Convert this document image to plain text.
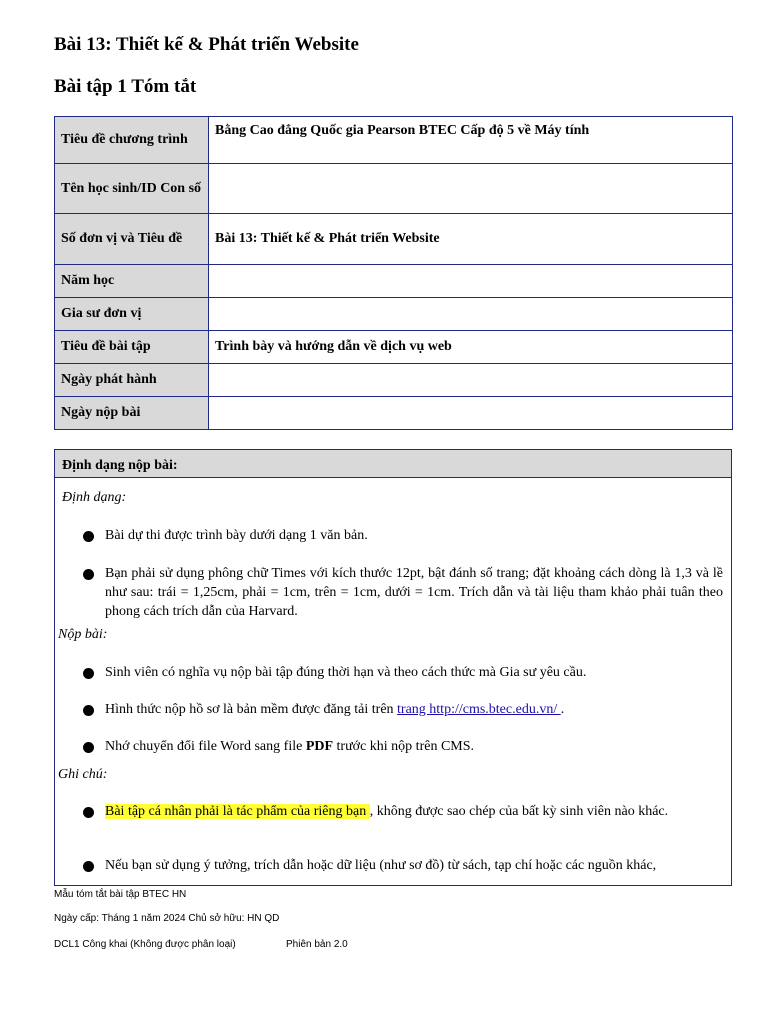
Bài 13: Thiết kế & Phát triển Website
Bài tập 1 Tóm tắt
Tiêu đề chương trình	Bằng Cao đẳng Quốc gia Pearson BTEC Cấp độ 5 về Máy tính
Tên học sinh/ID Con số	
Số đơn vị và Tiêu đề	Bài 13: Thiết kế & Phát triển Website
Năm học	
Gia sư đơn vị	
Tiêu đề bài tập	Trình bày và hướng dẫn về dịch vụ web
Ngày phát hành	
Ngày nộp bài	
Định dạng nộp bài:
Định dạng:
Bài dự thi được trình bày dưới dạng 1 văn bản.
Bạn phải sử dụng phông chữ Times với kích thước 12pt, bật đánh số trang; đặt khoảng cách dòng là 1,3 và lề như sau: trái = 1,25cm, phải = 1cm, trên = 1cm, dưới = 1cm. Trích dẫn và tài liệu tham khảo phải tuân theo phong cách trích dẫn của Harvard.
Nộp bài:
Sinh viên có nghĩa vụ nộp bài tập đúng thời hạn và theo cách thức mà Gia sư yêu cầu.
Hình thức nộp hồ sơ là bản mềm được đăng tải trên trang http://cms.btec.edu.vn/ .
Nhớ chuyển đổi file Word sang file PDF trước khi nộp trên CMS.
Ghi chú:
Bài tập cá nhân phải là tác phẩm của riêng bạn , không được sao chép của bất kỳ sinh viên nào khác.
Nếu bạn sử dụng ý tưởng, trích dẫn hoặc dữ liệu (như sơ đồ) từ sách, tạp chí hoặc các nguồn khác,
Mẫu tóm tắt bài tập BTEC HN
Ngày cấp: Tháng 1 năm 2024 Chủ sở hữu: HN QD
DCL1 Công khai (Không được phân loại)	Phiên bản 2.0
